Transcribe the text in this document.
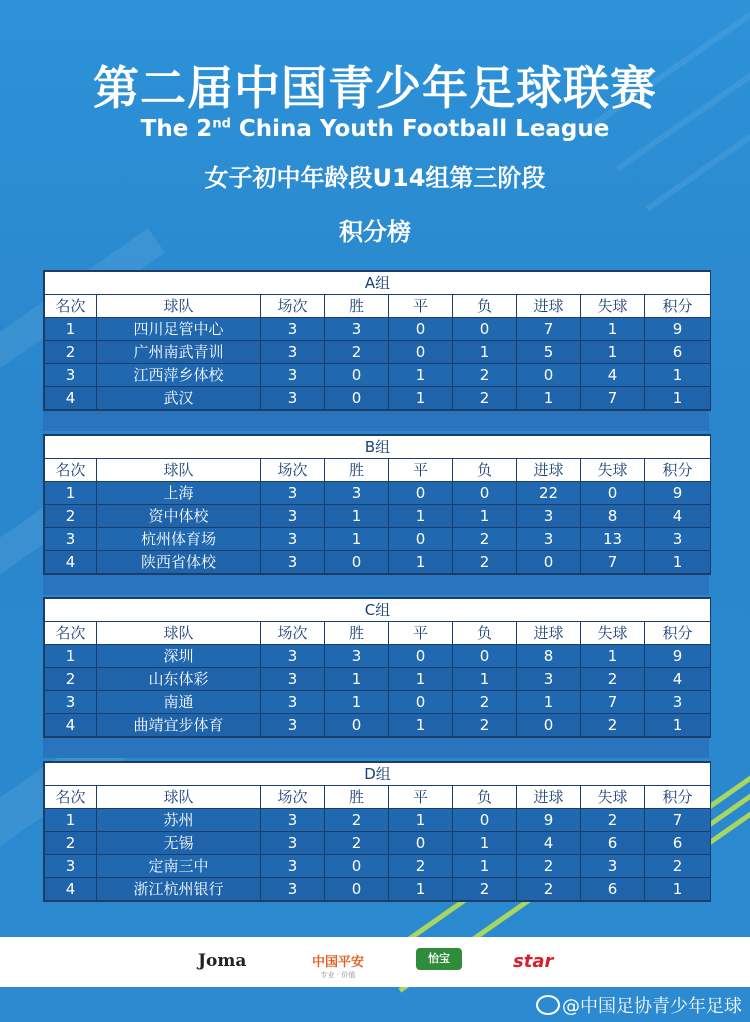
第二届中国青少年足球联赛
The 2nd China Youth Football League
女子初中年龄段U14组第三阶段
积分榜
A组								
名次	球队	场次	胜	平	负	进球	失球	积分
1	四川足管中心	3	3	0	0	7	1	9
2	广州南武青训	3	2	0	1	5	1	6
3	江西萍乡体校	3	0	1	2	0	4	1
4	武汉	3	0	1	2	1	7	1
B组								
名次	球队	场次	胜	平	负	进球	失球	积分
1	上海	3	3	0	0	22	0	9
2	资中体校	3	1	1	1	3	8	4
3	杭州体育场	3	1	0	2	3	13	3
4	陕西省体校	3	0	1	2	0	7	1
C组								
名次	球队	场次	胜	平	负	进球	失球	积分
1	深圳	3	3	0	0	8	1	9
2	山东体彩	3	1	1	1	3	2	4
3	南通	3	1	0	2	1	7	3
4	曲靖宜步体育	3	0	1	2	0	2	1
D组								
名次	球队	场次	胜	平	负	进球	失球	积分
1	苏州	3	2	1	0	9	2	7
2	无锡	3	2	0	1	4	6	6
3	定南三中	3	0	2	1	2	3	2
4	浙江杭州银行	3	0	1	2	2	6	1
Joma	中国平安
专业 · 价值
怡宝	star
@中国足协青少年足球
